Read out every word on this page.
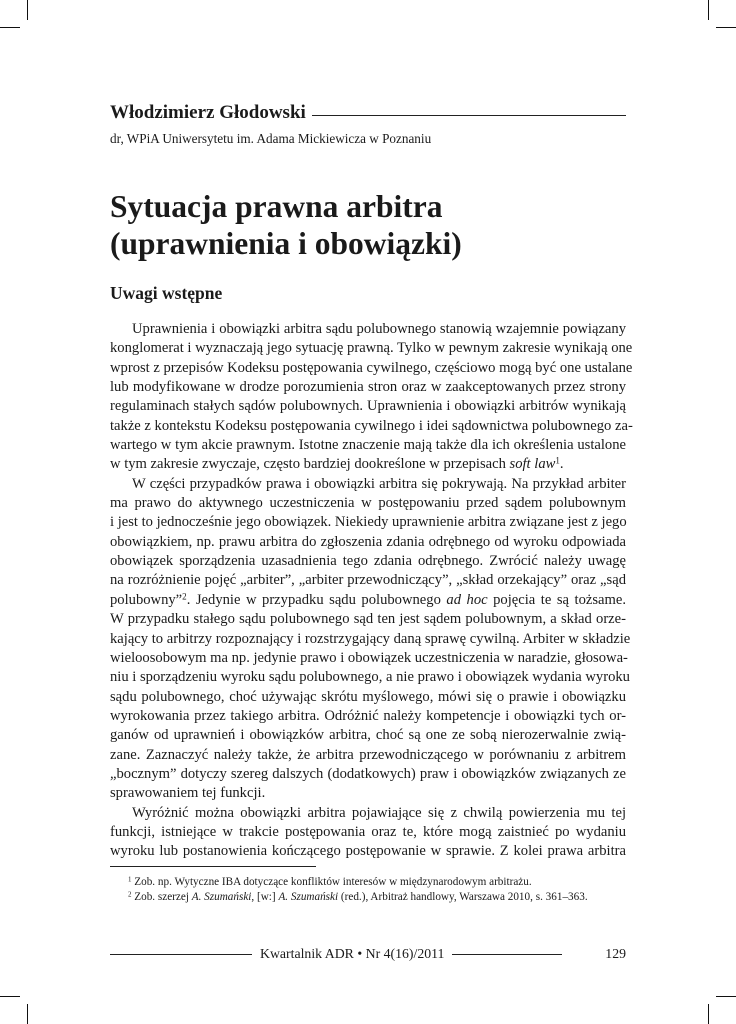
Włodzimierz Głodowski
dr, WPiA Uniwersytetu im. Adama Mickiewicza w Poznaniu
Sytuacja prawna arbitra
(uprawnienia i obowiązki)
Uwagi wstępne
Uprawnienia i obowiązki arbitra sądu polubownego stanowią wzajemnie powiązany
konglomerat i wyznaczają jego sytuację prawną. Tylko w pewnym zakresie wynikają one
wprost z przepisów Kodeksu postępowania cywilnego, częściowo mogą być one ustalane
lub modyfikowane w drodze porozumienia stron oraz w zaakceptowanych przez strony
regulaminach stałych sądów polubownych. Uprawnienia i obowiązki arbitrów wynikają
także z kontekstu Kodeksu postępowania cywilnego i idei sądownictwa polubownego za-
wartego w tym akcie prawnym. Istotne znaczenie mają także dla ich określenia ustalone
w tym zakresie zwyczaje, często bardziej dookreślone w przepisach soft law$^1$.
W części przypadków prawa i obowiązki arbitra się pokrywają. Na przykład arbiter
ma prawo do aktywnego uczestniczenia w postępowaniu przed sądem polubownym
i jest to jednocześnie jego obowiązek. Niekiedy uprawnienie arbitra związane jest z jego
obowiązkiem, np. prawu arbitra do zgłoszenia zdania odrębnego od wyroku odpowiada
obowiązek sporządzenia uzasadnienia tego zdania odrębnego. Zwrócić należy uwagę
na rozróżnienie pojęć „arbiter”, „arbiter przewodniczący”, „skład orzekający” oraz „sąd
polubowny”$^2$. Jedynie w przypadku sądu polubownego ad hoc pojęcia te są tożsame.
W przypadku stałego sądu polubownego sąd ten jest sądem polubownym, a skład orze-
kający to arbitrzy rozpoznający i rozstrzygający daną sprawę cywilną. Arbiter w składzie
wieloosobowym ma np. jedynie prawo i obowiązek uczestniczenia w naradzie, głosowa-
niu i sporządzeniu wyroku sądu polubownego, a nie prawo i obowiązek wydania wyroku
sądu polubownego, choć używając skrótu myślowego, mówi się o prawie i obowiązku
wyrokowania przez takiego arbitra. Odróżnić należy kompetencje i obowiązki tych or-
ganów od uprawnień i obowiązków arbitra, choć są one ze sobą nierozerwalnie zwią-
zane. Zaznaczyć należy także, że arbitra przewodniczącego w porównaniu z arbitrem
„bocznym” dotyczy szereg dalszych (dodatkowych) praw i obowiązków związanych ze
sprawowaniem tej funkcji.
Wyróżnić można obowiązki arbitra pojawiające się z chwilą powierzenia mu tej
funkcji, istniejące w trakcie postępowania oraz te, które mogą zaistnieć po wydaniu
wyroku lub postanowienia kończącego postępowanie w sprawie. Z kolei prawa arbitra
$^1$ Zob. np. Wytyczne IBA dotyczące konfliktów interesów w międzynarodowym arbitrażu.
$^2$ Zob. szerzej A. Szumański, [w:] A. Szumański (red.), Arbitraż handlowy, Warszawa 2010, s. 361–363.
Kwartalnik ADR • Nr 4(16)/2011	129
